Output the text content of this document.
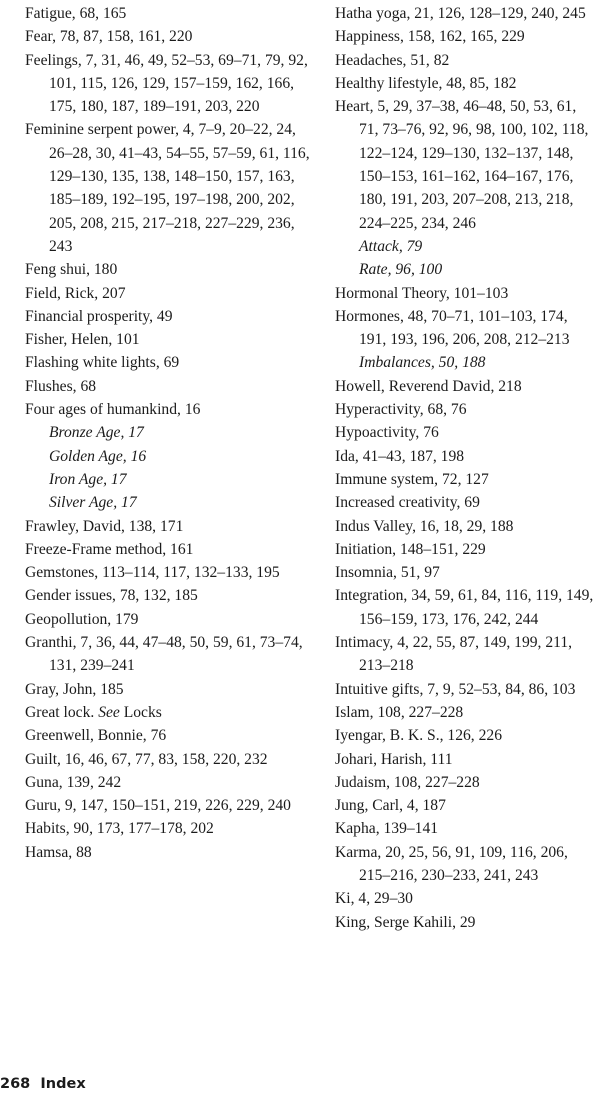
Fatigue, 68, 165

Fear, 78, 87, 158, 161, 220

Feelings, 7, 31, 46, 49, 52–53, 69–71, 79, 92, 101, 115, 126, 129, 157–159, 162, 166, 175, 180, 187, 189–191, 203, 220

Feminine serpent power, 4, 7–9, 20–22, 24, 26–28, 30, 41–43, 54–55, 57–59, 61, 116, 129–130, 135, 138, 148–150, 157, 163, 185–189, 192–195, 197–198, 200, 202, 205, 208, 215, 217–218, 227–229, 236, 243

Feng shui, 180

Field, Rick, 207

Financial prosperity, 49

Fisher, Helen, 101

Flashing white lights, 69

Flushes, 68

Four ages of humankind, 16

Bronze Age, 17

Golden Age, 16

Iron Age, 17

Silver Age, 17

Frawley, David, 138, 171

Freeze-Frame method, 161

Gemstones, 113–114, 117, 132–133, 195

Gender issues, 78, 132, 185

Geopollution, 179

Granthi, 7, 36, 44, 47–48, 50, 59, 61, 73–74, 131, 239–241

Gray, John, 185

Great lock. See Locks

Greenwell, Bonnie, 76

Guilt, 16, 46, 67, 77, 83, 158, 220, 232

Guna, 139, 242

Guru, 9, 147, 150–151, 219, 226, 229, 240

Habits, 90, 173, 177–178, 202

Hamsa, 88

Hatha yoga, 21, 126, 128–129, 240, 245

Happiness, 158, 162, 165, 229

Headaches, 51, 82

Healthy lifestyle, 48, 85, 182

Heart, 5, 29, 37–38, 46–48, 50, 53, 61, 71, 73–76, 92, 96, 98, 100, 102, 118, 122–124, 129–130, 132–137, 148, 150–153, 161–162, 164–167, 176, 180, 191, 203, 207–208, 213, 218, 224–225, 234, 246

Attack, 79

Rate, 96, 100

Hormonal Theory, 101–103

Hormones, 48, 70–71, 101–103, 174, 191, 193, 196, 206, 208, 212–213

Imbalances, 50, 188

Howell, Reverend David, 218

Hyperactivity, 68, 76

Hypoactivity, 76

Ida, 41–43, 187, 198

Immune system, 72, 127

Increased creativity, 69

Indus Valley, 16, 18, 29, 188

Initiation, 148–151, 229

Insomnia, 51, 97

Integration, 34, 59, 61, 84, 116, 119, 149, 156–159, 173, 176, 242, 244

Intimacy, 4, 22, 55, 87, 149, 199, 211, 213–218

Intuitive gifts, 7, 9, 52–53, 84, 86, 103

Islam, 108, 227–228

Iyengar, B. K. S., 126, 226

Johari, Harish, 111

Judaism, 108, 227–228

Jung, Carl, 4, 187

Kapha, 139–141

Karma, 20, 25, 56, 91, 109, 116, 206, 215–216, 230–233, 241, 243

Ki, 4, 29–30

King, Serge Kahili, 29

268 Index
